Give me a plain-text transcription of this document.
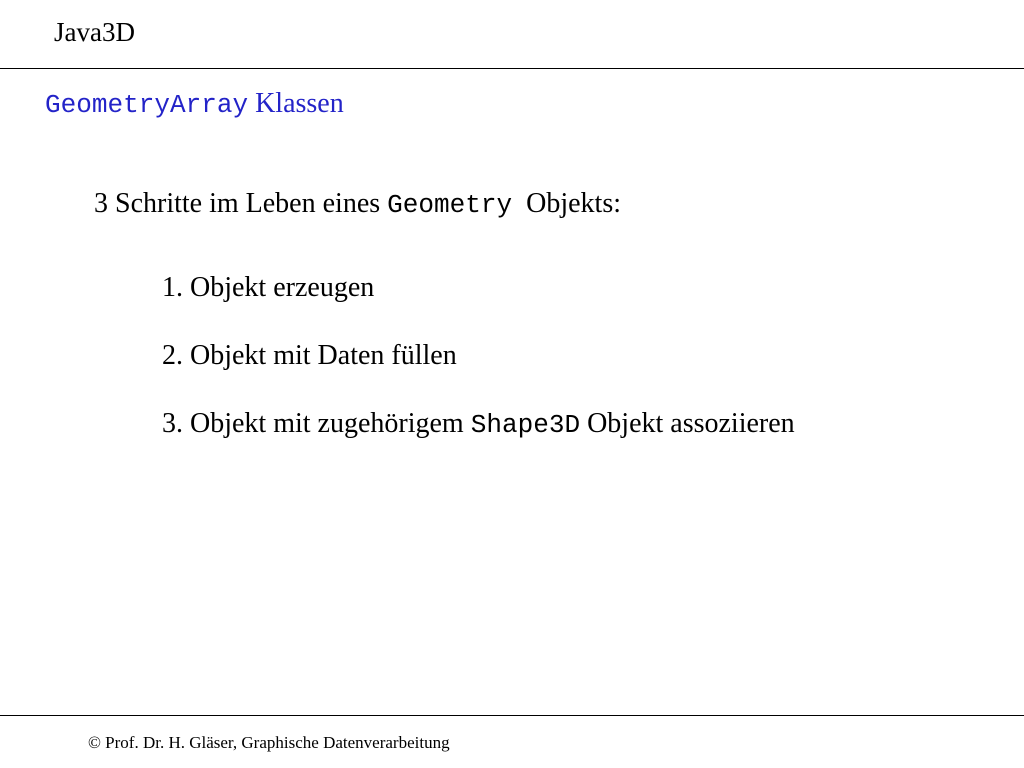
Java3D
GeometryArray Klassen
3 Schritte im Leben eines Geometry Objekts:
1. Objekt erzeugen
2. Objekt mit Daten füllen
3. Objekt mit zugehörigem Shape3D Objekt assoziieren
© Prof. Dr. H. Gläser, Graphische Datenverarbeitung
